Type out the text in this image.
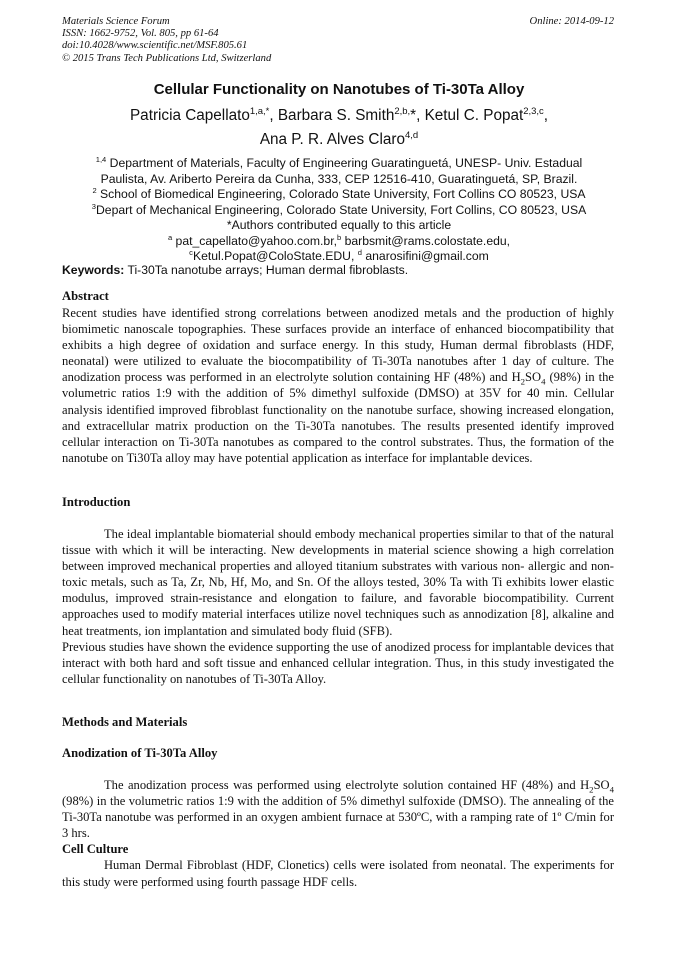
Materials Science Forum
ISSN: 1662-9752, Vol. 805, pp 61-64
doi:10.4028/www.scientific.net/MSF.805.61
© 2015 Trans Tech Publications Ltd, Switzerland
Online: 2014-09-12
Cellular Functionality on Nanotubes of Ti-30Ta Alloy
Patricia Capellato$^{1,a,*}$, Barbara S. Smith$^{2,b,}$*, Ketul C. Popat$^{2,3,c}$,
Ana P. R. Alves Claro$^{4,d}$
$^{1,4}$ Department of Materials, Faculty of Engineering Guaratinguetá, UNESP- Univ. Estadual
Paulista, Av. Ariberto Pereira da Cunha, 333, CEP 12516-410, Guaratinguetá, SP, Brazil.
$^2$ School of Biomedical Engineering, Colorado State University, Fort Collins CO 80523, USA
$^3$Depart of Mechanical Engineering, Colorado State University, Fort Collins, CO 80523, USA
*Authors contributed equally to this article
$^a$ pat_capellato@yahoo.com.br,$^b$ barbsmit@rams.colostate.edu,
$^c$Ketul.Popat@ColoState.EDU, $^d$ anarosifini@gmail.com
Keywords: Ti-30Ta nanotube arrays; Human dermal fibroblasts.
Abstract

Recent studies have identified strong correlations between anodized metals and the production of highly biomimetic nanoscale topographies. These surfaces provide an interface of enhanced biocompatibility that exhibits a high degree of oxidation and surface energy. In this study, Human dermal fibroblasts (HDF, neonatal) were utilized to evaluate the biocompatibility of Ti-30Ta nanotubes after 1 day of culture. The anodization process was performed in an electrolyte solution containing HF (48%) and $H_2SO_4$ (98%) in the volumetric ratios 1:9 with the addition of 5% dimethyl sulfoxide (DMSO) at 35V for 40 min. Cellular analysis identified improved fibroblast functionality on the nanotube surface, showing increased elongation, and extracellular matrix production on the Ti-30Ta nanotubes. The results presented identify improved cellular interaction on Ti-30Ta nanotubes as compared to the control substrates. Thus, the formation of the nanotube on Ti30Ta alloy may have potential application as interface for implantable devices.

Introduction

The ideal implantable biomaterial should embody mechanical properties similar to that of the natural tissue with which it will be interacting. New developments in material science showing a high correlation between improved mechanical properties and alloyed titanium substrates with various non- allergic and non-toxic metals, such as Ta, Zr, Nb, Hf, Mo, and Sn. Of the alloys tested, 30% Ta with Ti exhibits lower elastic modulus, improved strain-resistance and elongation to failure, and favorable biocompatibility. Current approaches used to modify material interfaces utilize novel techniques such as annodization [8], alkaline and heat treatments, ion implantation and simulated body fluid (SFB).

Previous studies have shown the evidence supporting the use of anodized process for implantable devices that interact with both hard and soft tissue and enhanced cellular integration. Thus, in this study investigated the cellular functionality on nanotubes of Ti-30Ta Alloy.

Methods and Materials
Anodization of Ti-30Ta Alloy

The anodization process was performed using electrolyte solution contained HF (48%) and $H_2SO_4$ (98%) in the volumetric ratios 1:9 with the addition of 5% dimethyl sulfoxide (DMSO). The annealing of the Ti-30Ta nanotube was performed in an oxygen ambient furnace at 530ºC, with a ramping rate of 1º C/min for 3 hrs.

Cell Culture

Human Dermal Fibroblast (HDF, Clonetics) cells were isolated from neonatal. The experiments for this study were performed using fourth passage HDF cells.
